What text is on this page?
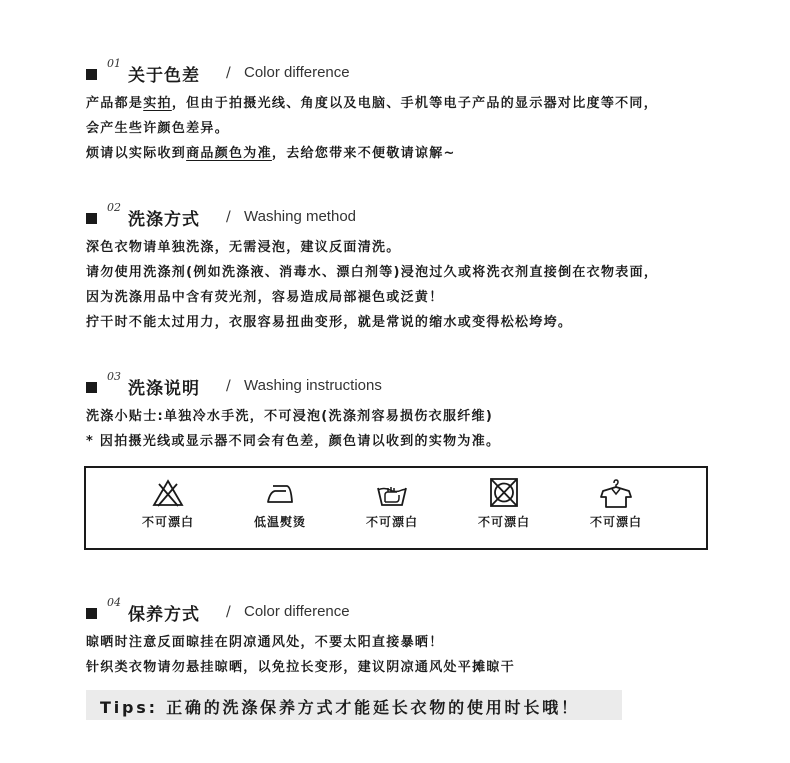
01
关于色差 / Color difference
产品都是实拍，但由于拍摄光线、角度以及电脑、手机等电子产品的显示器对比度等不同，
会产生些许颜色差异。
烦请以实际收到商品颜色为准，去给您带来不便敬请谅解~
02
洗涤方式 / Washing method
深色衣物请单独洗涤，无需浸泡，建议反面清洗。
请勿使用洗涤剂(例如洗涤液、消毒水、漂白剂等)浸泡过久或将洗衣剂直接倒在衣物表面，
因为洗涤用品中含有荧光剂，容易造成局部褪色或泛黄！
拧干时不能太过用力，衣服容易扭曲变形，就是常说的缩水或变得松松垮垮。
03
洗涤说明 / Washing instructions
洗涤小贴士:单独冷水手洗，不可浸泡(洗涤剂容易损伤衣服纤维)
* 因拍摄光线或显示器不同会有色差，颜色请以收到的实物为准。
不可漂白	低温熨烫	不可漂白	不可漂白	不可漂白
04
保养方式 / Color difference
晾晒时注意反面晾挂在阴凉通风处，不要太阳直接暴晒！
针织类衣物请勿悬挂晾晒，以免拉长变形，建议阴凉通风处平摊晾干
Tips: 正确的洗涤保养方式才能延长衣物的使用时长哦！
